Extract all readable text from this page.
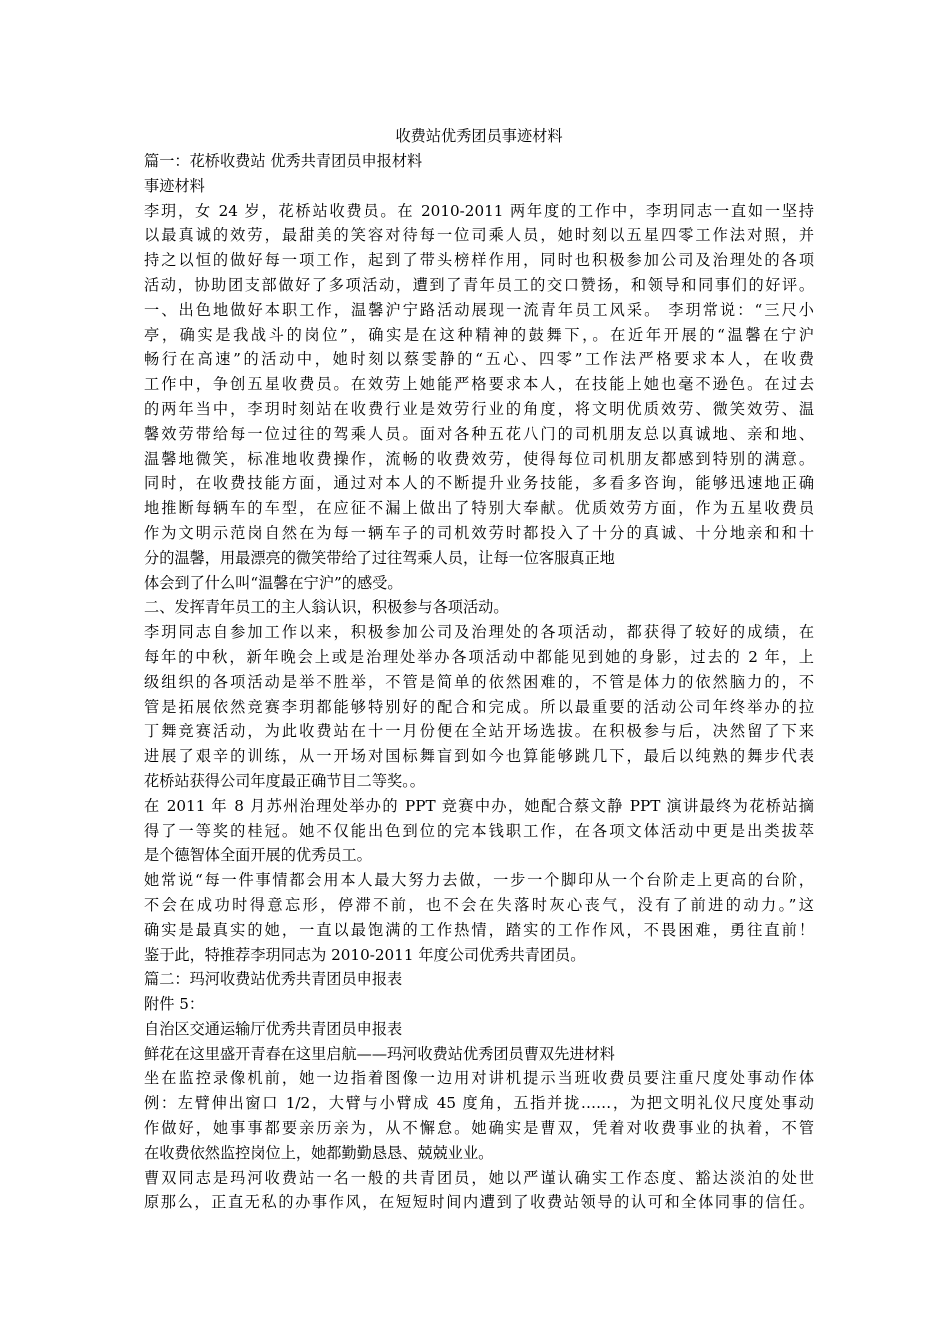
收费站优秀团员事迹材料

篇一：花桥收费站 优秀共青团员申报材料

事迹材料

李玥，女 24 岁，花桥站收费员。在 2010-2011 两年度的工作中，李玥同志一直如一坚持

以最真诚的效劳，最甜美的笑容对待每一位司乘人员，她时刻以五星四零工作法对照，并

持之以恒的做好每一项工作，起到了带头榜样作用，同时也积极参加公司及治理处的各项

活动，协助团支部做好了多项活动，遭到了青年员工的交口赞扬，和领导和同事们的好评。

一、出色地做好本职工作，温馨沪宁路活动展现一流青年员工风采。 李玥常说：“三尺小

亭，确实是我战斗的岗位”，确实是在这种精神的鼓舞下，。在近年开展的“温馨在宁沪

畅行在高速”的活动中，她时刻以蔡雯静的“五心、四零”工作法严格要求本人，在收费

工作中，争创五星收费员。在效劳上她能严格要求本人，在技能上她也毫不逊色。在过去

的两年当中，李玥时刻站在收费行业是效劳行业的角度，将文明优质效劳、微笑效劳、温

馨效劳带给每一位过往的驾乘人员。面对各种五花八门的司机朋友总以真诚地、亲和地、

温馨地微笑，标准地收费操作，流畅的收费效劳，使得每位司机朋友都感到特别的满意。

同时，在收费技能方面，通过对本人的不断提升业务技能，多看多咨询，能够迅速地正确

地推断每辆车的车型，在应征不漏上做出了特别大奉献。优质效劳方面，作为五星收费员

作为文明示范岗自然在为每一辆车子的司机效劳时都投入了十分的真诚、十分地亲和和十

分的温馨，用最漂亮的微笑带给了过往驾乘人员，让每一位客服真正地

体会到了什么叫“温馨在宁沪”的感受。

二、发挥青年员工的主人翁认识，积极参与各项活动。

李玥同志自参加工作以来，积极参加公司及治理处的各项活动，都获得了较好的成绩，在

每年的中秋，新年晚会上或是治理处举办各项活动中都能见到她的身影，过去的 2 年，上

级组织的各项活动是举不胜举，不管是简单的依然困难的，不管是体力的依然脑力的，不

管是拓展依然竞赛李玥都能够特别好的配合和完成。所以最重要的活动公司年终举办的拉

丁舞竞赛活动，为此收费站在十一月份便在全站开场选拔。在积极参与后，决然留了下来

进展了艰辛的训练，从一开场对国标舞盲到如今也算能够跳几下，最后以纯熟的舞步代表

花桥站获得公司年度最正确节目二等奖。。

在 2011 年 8 月苏州治理处举办的 PPT 竞赛中办，她配合蔡文静 PPT 演讲最终为花桥站摘

得了一等奖的桂冠。她不仅能出色到位的完本钱职工作，在各项文体活动中更是出类拔萃

是个德智体全面开展的优秀员工。

她常说“每一件事情都会用本人最大努力去做，一步一个脚印从一个台阶走上更高的台阶，

不会在成功时得意忘形，停滞不前，也不会在失落时灰心丧气，没有了前进的动力。”这

确实是最真实的她，一直以最饱满的工作热情，踏实的工作作风，不畏困难，勇往直前！

鉴于此，特推荐李玥同志为 2010-2011 年度公司优秀共青团员。

篇二：玛河收费站优秀共青团员申报表

附件 5：

自治区交通运输厅优秀共青团员申报表

鲜花在这里盛开青春在这里启航——玛河收费站优秀团员曹双先进材料

坐在监控录像机前，她一边指着图像一边用对讲机提示当班收费员要注重尺度处事动作体

例：左臂伸出窗口 1/2，大臂与小臂成 45 度角，五指并拢……，为把文明礼仪尺度处事动

作做好，她事事都要亲历亲为，从不懈怠。她确实是曹双，凭着对收费事业的执着，不管

在收费依然监控岗位上，她都勤勤恳恳、兢兢业业。

曹双同志是玛河收费站一名一般的共青团员，她以严谨认确实工作态度、豁达淡泊的处世

原那么，正直无私的办事作风，在短短时间内遭到了收费站领导的认可和全体同事的信任。
